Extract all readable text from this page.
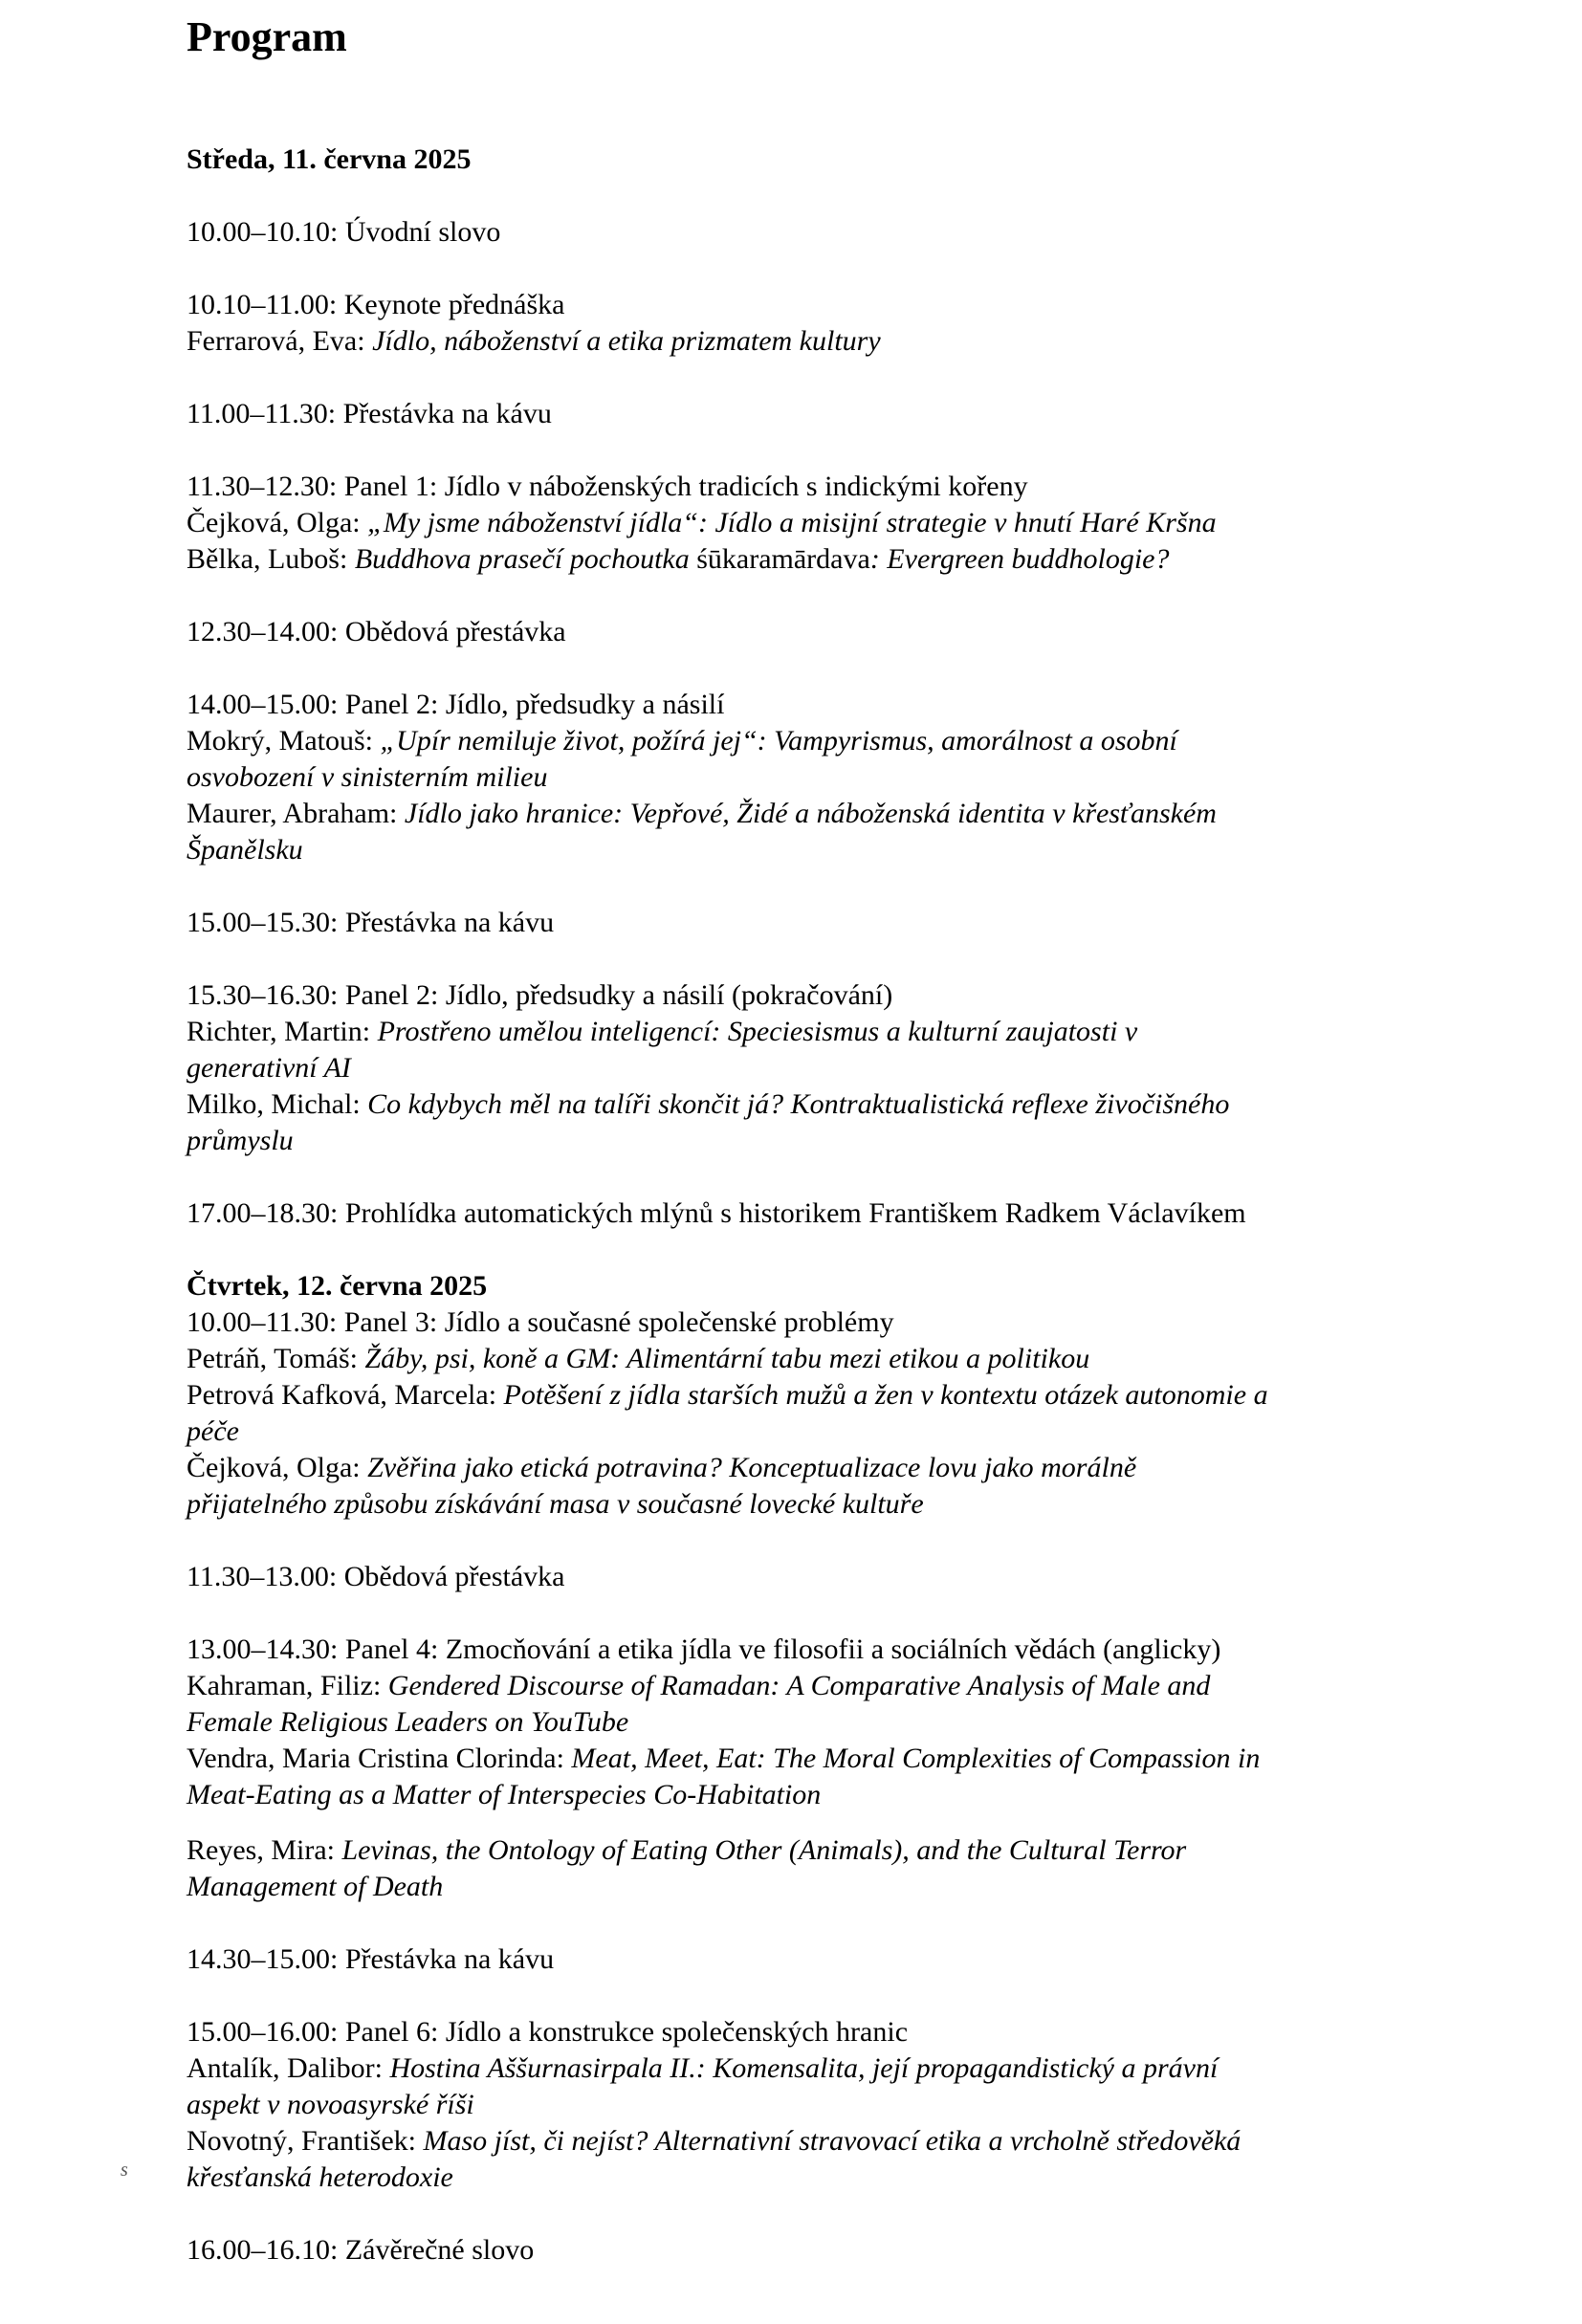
Program
Středa, 11. června 2025
10.00–10.10: Úvodní slovo
10.10–11.00: Keynote přednáška
Ferrarová, Eva: Jídlo, náboženství a etika prizmatem kultury
11.00–11.30: Přestávka na kávu
11.30–12.30: Panel 1: Jídlo v náboženských tradicích s indickými kořeny
Čejková, Olga: „My jsme náboženství jídla“: Jídlo a misijní strategie v hnutí Haré Kršna
Bělka, Luboš: Buddhova prasečí pochoutka śūkaramārdava: Evergreen buddhologie?
12.30–14.00: Obědová přestávka
14.00–15.00: Panel 2: Jídlo, předsudky a násilí
Mokrý, Matouš: „Upír nemiluje život, požírá jej“: Vampyrismus, amorálnost a osobní
osvobození v sinisterním milieu
Maurer, Abraham: Jídlo jako hranice: Vepřové, Židé a náboženská identita v křesťanském
Španělsku
15.00–15.30: Přestávka na kávu
15.30–16.30: Panel 2: Jídlo, předsudky a násilí (pokračování)
Richter, Martin: Prostřeno umělou inteligencí: Speciesismus a kulturní zaujatosti v
generativní AI
Milko, Michal: Co kdybych měl na talíři skončit já? Kontraktualistická reflexe živočišného
průmyslu
17.00–18.30: Prohlídka automatických mlýnů s historikem Františkem Radkem Václavíkem
Čtvrtek, 12. června 2025
10.00–11.30: Panel 3: Jídlo a současné společenské problémy
Petráň, Tomáš: Žáby, psi, koně a GM: Alimentární tabu mezi etikou a politikou
Petrová Kafková, Marcela: Potěšení z jídla starších mužů a žen v kontextu otázek autonomie a
péče
Čejková, Olga: Zvěřina jako etická potravina? Konceptualizace lovu jako morálně
přijatelného způsobu získávání masa v současné lovecké kultuře
11.30–13.00: Obědová přestávka
13.00–14.30: Panel 4: Zmocňování a etika jídla ve filosofii a sociálních vědách (anglicky)
Kahraman, Filiz: Gendered Discourse of Ramadan: A Comparative Analysis of Male and
Female Religious Leaders on YouTube
Vendra, Maria Cristina Clorinda: Meat, Meet, Eat: The Moral Complexities of Compassion in
Meat-Eating as a Matter of Interspecies Co-Habitation
Reyes, Mira: Levinas, the Ontology of Eating Other (Animals), and the Cultural Terror
Management of Death
14.30–15.00: Přestávka na kávu
15.00–16.00: Panel 6: Jídlo a konstrukce společenských hranic
Antalík, Dalibor: Hostina Aššurnasirpala II.: Komensalita, její propagandistický a právní
aspekt v novoasyrské říši
Novotný, František: Maso jíst, či nejíst? Alternativní stravovací etika a vrcholně středověká
křesťanská heterodoxie
16.00–16.10: Závěrečné slovo
s
